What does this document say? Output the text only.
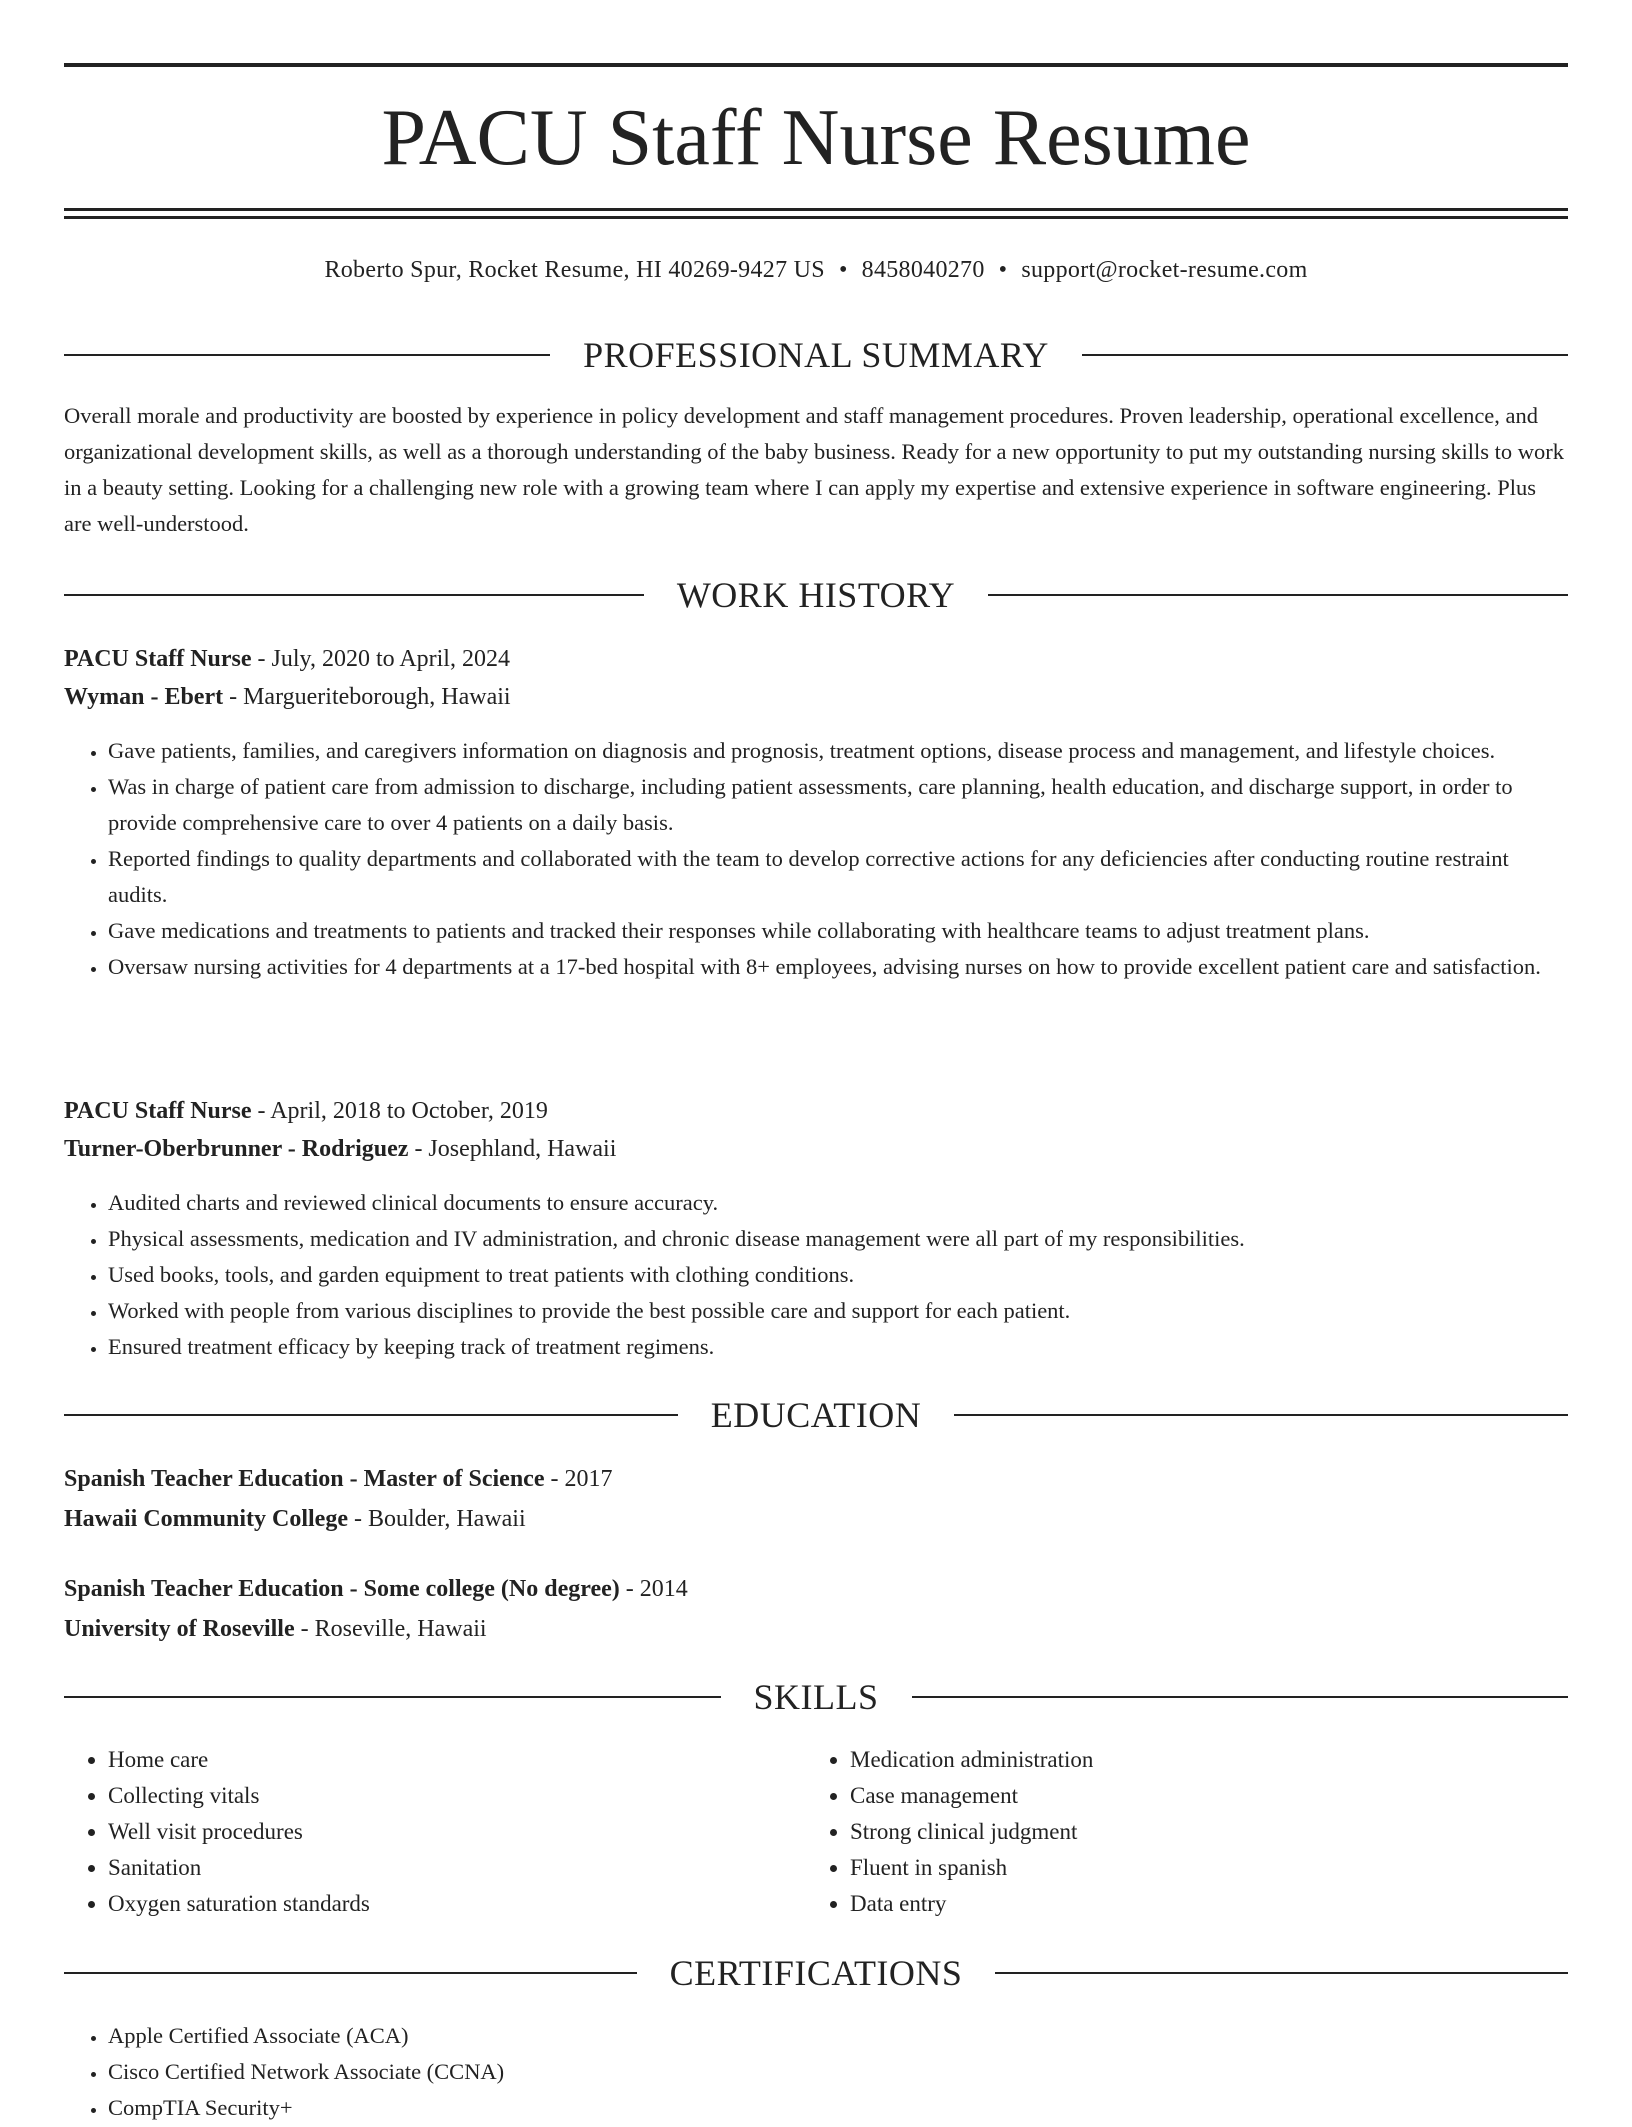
PACU Staff Nurse Resume
Roberto Spur, Rocket Resume, HI 40269-9427 US • 8458040270 • support@rocket-resume.com
PROFESSIONAL SUMMARY

Overall morale and productivity are boosted by experience in policy development and staff management procedures. Proven leadership, operational excellence, and organizational development skills, as well as a thorough understanding of the baby business. Ready for a new opportunity to put my outstanding nursing skills to work in a beauty setting. Looking for a challenging new role with a growing team where I can apply my expertise and extensive experience in software engineering. Plus are well-understood.

WORK HISTORY
PACU Staff Nurse - July, 2020 to April, 2024
Wyman - Ebert - Margueriteborough, Hawaii
• Gave patients, families, and caregivers information on diagnosis and prognosis, treatment options, disease process and management, and lifestyle choices.
• Was in charge of patient care from admission to discharge, including patient assessments, care planning, health education, and discharge support, in order to provide comprehensive care to over 4 patients on a daily basis.
• Reported findings to quality departments and collaborated with the team to develop corrective actions for any deficiencies after conducting routine restraint audits.
• Gave medications and treatments to patients and tracked their responses while collaborating with healthcare teams to adjust treatment plans.
• Oversaw nursing activities for 4 departments at a 17-bed hospital with 8+ employees, advising nurses on how to provide excellent patient care and satisfaction.
PACU Staff Nurse - April, 2018 to October, 2019
Turner-Oberbrunner - Rodriguez - Josephland, Hawaii
• Audited charts and reviewed clinical documents to ensure accuracy.
• Physical assessments, medication and IV administration, and chronic disease management were all part of my responsibilities.
• Used books, tools, and garden equipment to treat patients with clothing conditions.
• Worked with people from various disciplines to provide the best possible care and support for each patient.
• Ensured treatment efficacy by keeping track of treatment regimens.
EDUCATION
Spanish Teacher Education - Master of Science - 2017
Hawaii Community College - Boulder, Hawaii
Spanish Teacher Education - Some college (No degree) - 2014
University of Roseville - Roseville, Hawaii
SKILLS
• Home care
• Collecting vitals
• Well visit procedures
• Sanitation
• Oxygen saturation standards
• Medication administration
• Case management
• Strong clinical judgment
• Fluent in spanish
• Data entry
CERTIFICATIONS
• Apple Certified Associate (ACA)
• Cisco Certified Network Associate (CCNA)
• CompTIA Security+
